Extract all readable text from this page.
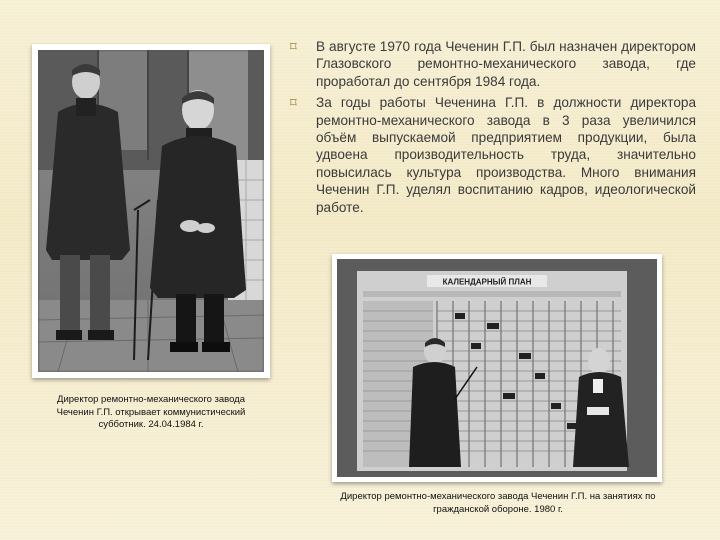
⌑ В августе 1970 года Чеченин Г.П. был назначен директором Глазовского ремонтно-механического завода, где проработал до сентября 1984 года.
⌑ За годы работы Чеченина Г.П. в должности директора ремонтно-механического завода в 3 раза увеличился объём выпускаемой предприятием продукции, была удвоена производительность труда, значительно повысилась культура производства. Много внимания Чеченин Г.П. уделял воспитанию кадров, идеологической работе.
Директор ремонтно-механического завода Чеченин Г.П. открывает коммунистический субботник. 24.04.1984 г.
КАЛЕНДАРНЫЙ ПЛАН
Директор ремонтно-механического завода Чеченин Г.П. на занятиях по гражданской обороне. 1980 г.
